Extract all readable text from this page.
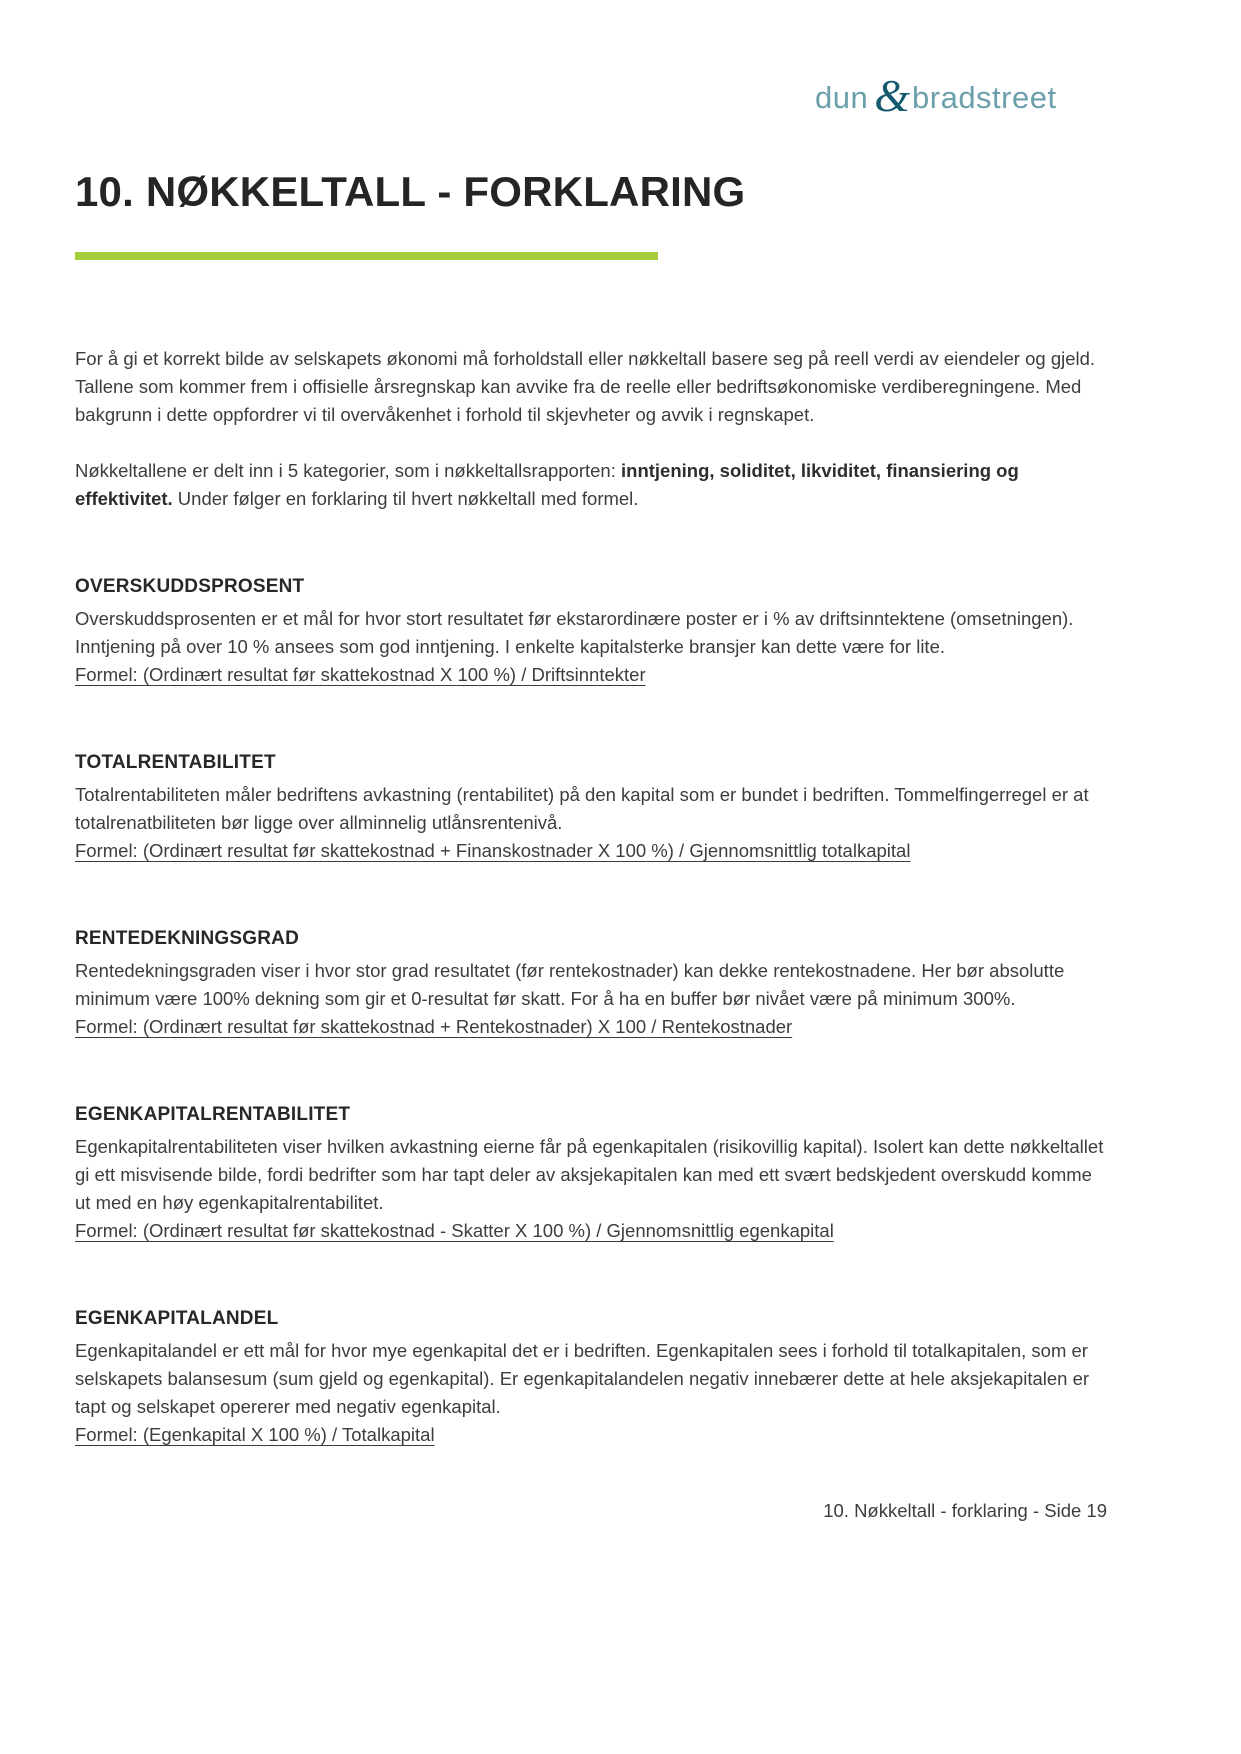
dun & bradstreet
10. NØKKELTALL - FORKLARING

For å gi et korrekt bilde av selskapets økonomi må forholdstall eller nøkkeltall basere seg på reell verdi av eiendeler og gjeld. Tallene som kommer frem i offisielle årsregnskap kan avvike fra de reelle eller bedriftsøkonomiske verdiberegningene. Med bakgrunn i dette oppfordrer vi til overvåkenhet i forhold til skjevheter og avvik i regnskapet.

Nøkkeltallene er delt inn i 5 kategorier, som i nøkkeltallsrapporten: inntjening, soliditet, likviditet, finansiering og effektivitet. Under følger en forklaring til hvert nøkkeltall med formel.

OVERSKUDDSPROSENT

Overskuddsprosenten er et mål for hvor stort resultatet før ekstarordinære poster er i % av driftsinntektene (omsetningen). Inntjening på over 10 % ansees som god inntjening. I enkelte kapitalsterke bransjer kan dette være for lite.

Formel: (Ordinært resultat før skattekostnad X 100 %) / Driftsinntekter

TOTALRENTABILITET

Totalrentabiliteten måler bedriftens avkastning (rentabilitet) på den kapital som er bundet i bedriften. Tommelfingerregel er at totalrenatbiliteten bør ligge over allminnelig utlånsrentenivå.

Formel: (Ordinært resultat før skattekostnad + Finanskostnader X 100 %) / Gjennomsnittlig totalkapital

RENTEDEKNINGSGRAD

Rentedekningsgraden viser i hvor stor grad resultatet (før rentekostnader) kan dekke rentekostnadene. Her bør absolutte minimum være 100% dekning som gir et 0-resultat før skatt. For å ha en buffer bør nivået være på minimum 300%.

Formel: (Ordinært resultat før skattekostnad + Rentekostnader) X 100 / Rentekostnader

EGENKAPITALRENTABILITET

Egenkapitalrentabiliteten viser hvilken avkastning eierne får på egenkapitalen (risikovillig kapital). Isolert kan dette nøkkeltallet gi ett misvisende bilde, fordi bedrifter som har tapt deler av aksjekapitalen kan med ett svært bedskjedent overskudd komme ut med en høy egenkapitalrentabilitet.

Formel: (Ordinært resultat før skattekostnad - Skatter X 100 %) / Gjennomsnittlig egenkapital

EGENKAPITALANDEL

Egenkapitalandel er ett mål for hvor mye egenkapital det er i bedriften. Egenkapitalen sees i forhold til totalkapitalen, som er selskapets balansesum (sum gjeld og egenkapital). Er egenkapitalandelen negativ innebærer dette at hele aksjekapitalen er tapt og selskapet opererer med negativ egenkapital.

Formel: (Egenkapital X 100 %) / Totalkapital

10. Nøkkeltall - forklaring - Side 19
